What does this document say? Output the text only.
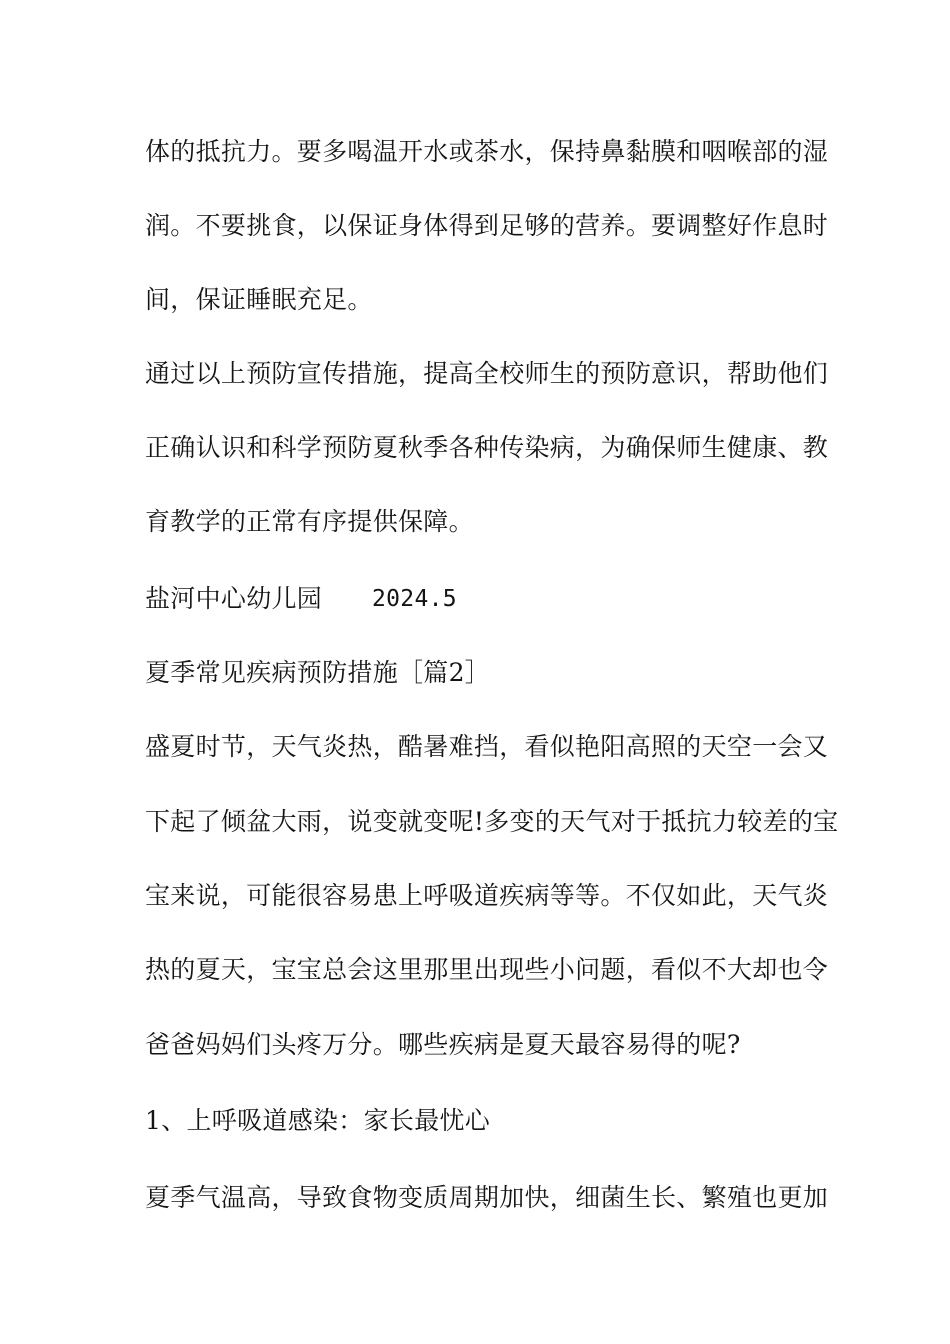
体的抵抗力。要多喝温开水或茶水，保持鼻黏膜和咽喉部的湿
润。不要挑食，以保证身体得到足够的营养。要调整好作息时
间，保证睡眠充足。
通过以上预防宣传措施，提高全校师生的预防意识，帮助他们
正确认识和科学预防夏秋季各种传染病，为确保师生健康、教
育教学的正常有序提供保障。
盐河中心幼儿园 2024.5
夏季常见疾病预防措施［篇2］
盛夏时节，天气炎热，酷暑难挡，看似艳阳高照的天空一会又
下起了倾盆大雨，说变就变呢!多变的天气对于抵抗力较差的宝
宝来说，可能很容易患上呼吸道疾病等等。不仅如此，天气炎
热的夏天，宝宝总会这里那里出现些小问题，看似不大却也令
爸爸妈妈们头疼万分。哪些疾病是夏天最容易得的呢?
1、上呼吸道感染：家长最忧心
夏季气温高，导致食物变质周期加快，细菌生长、繁殖也更加
